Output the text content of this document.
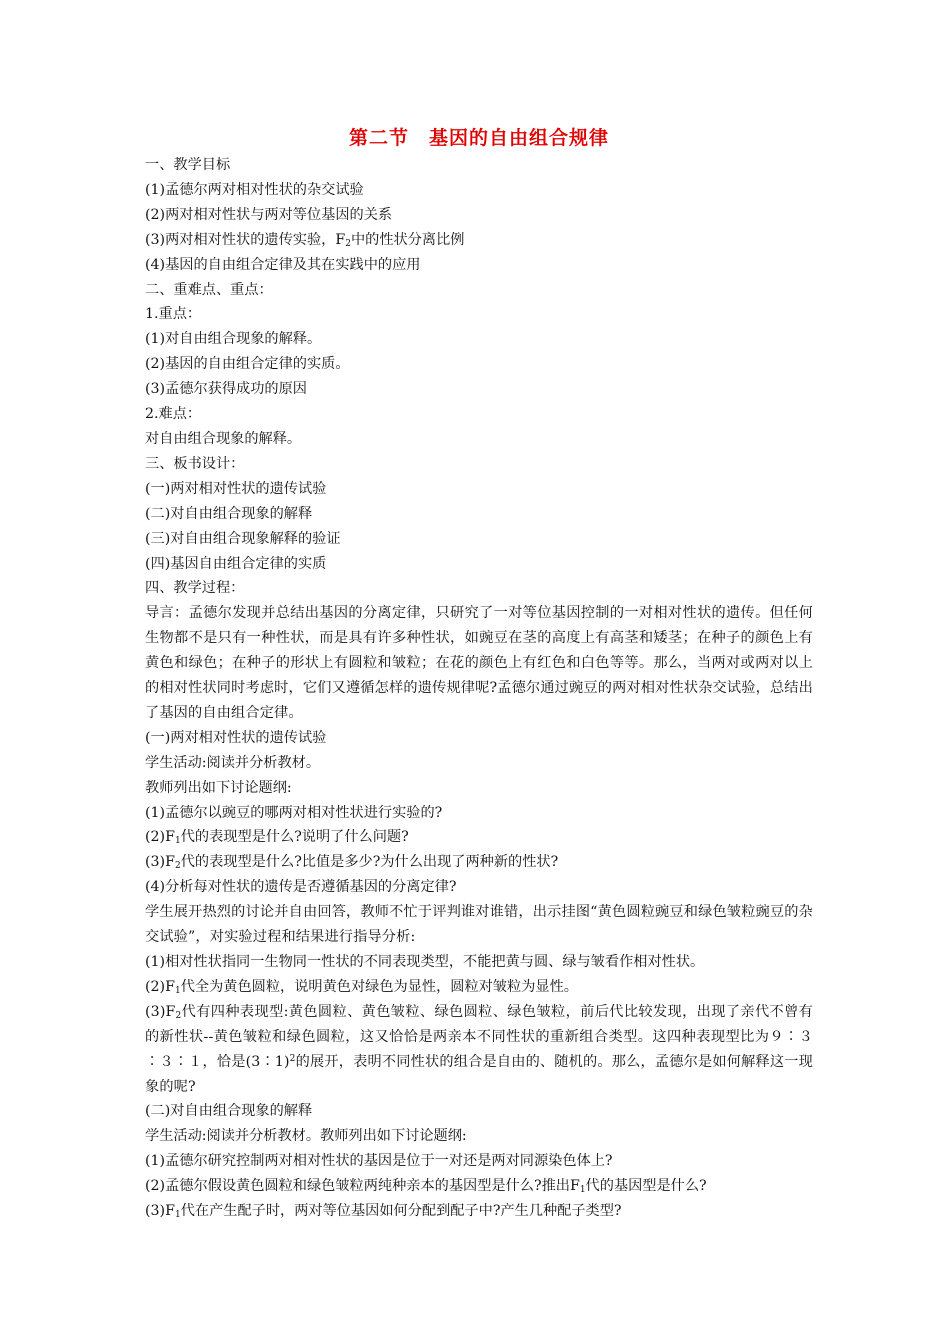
第二节　基因的自由组合规律

一、教学目标

(1)孟德尔两对相对性状的杂交试验

(2)两对相对性状与两对等位基因的关系

(3)两对相对性状的遗传实验，$F_2$中的性状分离比例

(4)基因的自由组合定律及其在实践中的应用

二、重难点、重点：

1.重点：

(1)对自由组合现象的解释。

(2)基因的自由组合定律的实质。

(3)孟德尔获得成功的原因

2.难点：

对自由组合现象的解释。

三、板书设计：

(一)两对相对性状的遗传试验

(二)对自由组合现象的解释

(三)对自由组合现象解释的验证

(四)基因自由组合定律的实质

四、教学过程：

导言：孟德尔发现并总结出基因的分离定律，只研究了一对等位基因控制的一对相对性状的遗传。但任何生物都不是只有一种性状，而是具有许多种性状，如豌豆在茎的高度上有高茎和矮茎；在种子的颜色上有黄色和绿色；在种子的形状上有圆粒和皱粒；在花的颜色上有红色和白色等等。那么，当两对或两对以上的相对性状同时考虑时，它们又遵循怎样的遗传规律呢?孟德尔通过豌豆的两对相对性状杂交试验，总结出了基因的自由组合定律。

(一)两对相对性状的遗传试验

学生活动:阅读并分析教材。

教师列出如下讨论题纲:

(1)孟德尔以豌豆的哪两对相对性状进行实验的?

$(2)F_1$代的表现型是什么?说明了什么问题?

$(3)F_2$代的表现型是什么?比值是多少?为什么出现了两种新的性状?

(4)分析每对性状的遗传是否遵循基因的分离定律?

学生展开热烈的讨论并自由回答，教师不忙于评判谁对谁错，出示挂图“黄色圆粒豌豆和绿色皱粒豌豆的杂交试验”，对实验过程和结果进行指导分析:

(1)相对性状指同一生物同一性状的不同表现类型，不能把黄与圆、绿与皱看作相对性状。

$(2)F_1$代全为黄色圆粒，说明黄色对绿色为显性，圆粒对皱粒为显性。

$(3)F_2$代有四种表现型:黄色圆粒、黄色皱粒、绿色圆粒、绿色皱粒，前后代比较发现，出现了亲代不曾有的新性状--黄色皱粒和绿色圆粒，这又恰恰是两亲本不同性状的重新组合类型。这四种表现型比为９∶３∶３∶１，恰是(3∶1)$^2$的展开，表明不同性状的组合是自由的、随机的。那么，孟德尔是如何解释这一现象的呢?

(二)对自由组合现象的解释

学生活动:阅读并分析教材。教师列出如下讨论题纲:

(1)孟德尔研究控制两对相对性状的基因是位于一对还是两对同源染色体上?

(2)孟德尔假设黄色圆粒和绿色皱粒两纯种亲本的基因型是什么?推出$F_1$代的基因型是什么?

$(3)F_1$代在产生配子时，两对等位基因如何分配到配子中?产生几种配子类型?
